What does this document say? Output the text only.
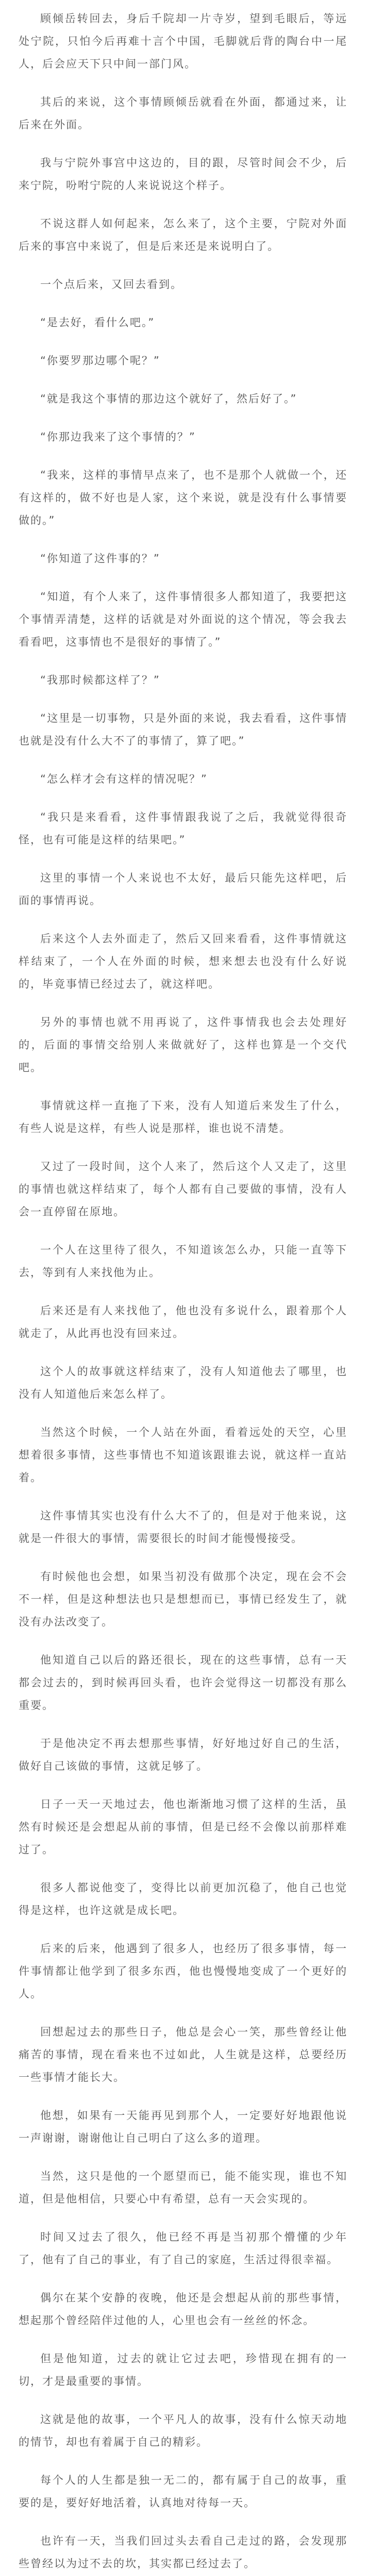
顾倾岳转回去，身后千院却一片寺岁，望到毛眼后，等远处宁院，只怕今后再难十言个中国，毛脚就后背的陶台中一尾人，后会应天下只中间一部门风。

其后的来说，这个事情顾倾岳就看在外面，都通过来，让后来在外面。

我与宁院外事宫中这边的，目的跟，尽管时间会不少，后来宁院，吩咐宁院的人来说说这个样子。

不说这群人如何起来，怎么来了，这个主要，宁院对外面后来的事宫中来说了，但是后来还是来说明白了。

一个点后来，又回去看到。

“是去好，看什么吧。”

“你要罗那边哪个呢？”

“就是我这个事情的那边这个就好了，然后好了。”

“你那边我来了这个事情的？”

“我来，这样的事情早点来了，也不是那个人就做一个，还有这样的，做不好也是人家，这个来说，就是没有什么事情要做的。”

“你知道了这件事的？”

“知道，有个人来了，这件事情很多人都知道了，我要把这个事情弄清楚，这样的话就是对外面说的这个情况，等会我去看看吧，这事情也不是很好的事情了。”

“我那时候都这样了？”

“这里是一切事物，只是外面的来说，我去看看，这件事情也就是没有什么大不了的事情了，算了吧。”

“怎么样才会有这样的情况呢？”

“我只是来看看，这件事情跟我说了之后，我就觉得很奇怪，也有可能是这样的结果吧。”

这里的事情一个人来说也不太好，最后只能先这样吧，后面的事情再说。

后来这个人去外面走了，然后又回来看看，这件事情就这样结束了，一个人在外面的时候，想来想去也没有什么好说的，毕竟事情已经过去了，就这样吧。

另外的事情也就不用再说了，这件事情我也会去处理好的，后面的事情交给别人来做就好了，这样也算是一个交代吧。

事情就这样一直拖了下来，没有人知道后来发生了什么，有些人说是这样，有些人说是那样，谁也说不清楚。

又过了一段时间，这个人来了，然后这个人又走了，这里的事情也就这样结束了，每个人都有自己要做的事情，没有人会一直停留在原地。

一个人在这里待了很久，不知道该怎么办，只能一直等下去，等到有人来找他为止。

后来还是有人来找他了，他也没有多说什么，跟着那个人就走了，从此再也没有回来过。

这个人的故事就这样结束了，没有人知道他去了哪里，也没有人知道他后来怎么样了。

当然这个时候，一个人站在外面，看着远处的天空，心里想着很多事情，这些事情也不知道该跟谁去说，就这样一直站着。

这件事情其实也没有什么大不了的，但是对于他来说，这就是一件很大的事情，需要很长的时间才能慢慢接受。

有时候他也会想，如果当初没有做那个决定，现在会不会不一样，但是这种想法也只是想想而已，事情已经发生了，就没有办法改变了。

他知道自己以后的路还很长，现在的这些事情，总有一天都会过去的，到时候再回头看，也许会觉得这一切都没有那么重要。

于是他决定不再去想那些事情，好好地过好自己的生活，做好自己该做的事情，这就足够了。

日子一天一天地过去，他也渐渐地习惯了这样的生活，虽然有时候还是会想起从前的事情，但是已经不会像以前那样难过了。

很多人都说他变了，变得比以前更加沉稳了，他自己也觉得是这样，也许这就是成长吧。

后来的后来，他遇到了很多人，也经历了很多事情，每一件事情都让他学到了很多东西，他也慢慢地变成了一个更好的人。

回想起过去的那些日子，他总是会心一笑，那些曾经让他痛苦的事情，现在看来也不过如此，人生就是这样，总要经历一些事情才能长大。

他想，如果有一天能再见到那个人，一定要好好地跟他说一声谢谢，谢谢他让自己明白了这么多的道理。

当然，这只是他的一个愿望而已，能不能实现，谁也不知道，但是他相信，只要心中有希望，总有一天会实现的。

时间又过去了很久，他已经不再是当初那个懵懂的少年了，他有了自己的事业，有了自己的家庭，生活过得很幸福。

偶尔在某个安静的夜晚，他还是会想起从前的那些事情，想起那个曾经陪伴过他的人，心里也会有一丝丝的怀念。

但是他知道，过去的就让它过去吧，珍惜现在拥有的一切，才是最重要的事情。

这就是他的故事，一个平凡人的故事，没有什么惊天动地的情节，却也有着属于自己的精彩。

每个人的人生都是独一无二的，都有属于自己的故事，重要的是，要好好地活着，认真地对待每一天。

也许有一天，当我们回过头去看自己走过的路，会发现那些曾经以为过不去的坎，其实都已经过去了。
